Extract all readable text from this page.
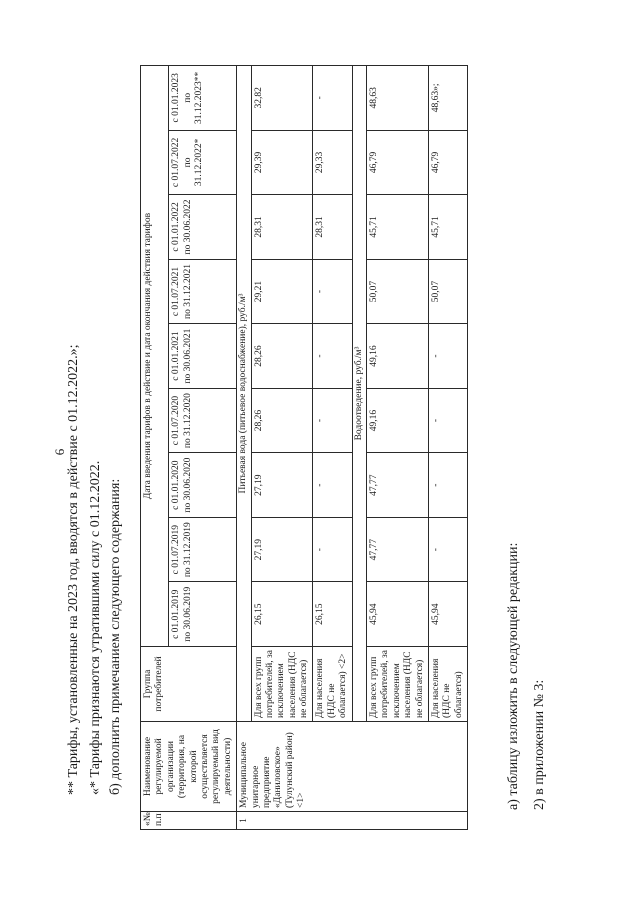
6
2) в приложении № 3:
а) таблицу изложить в следующей редакции:
«№ п.п	Наименование регулируемой организации (территория, на которой осуществляется регулируемый вид деятельности)	Группа потребителей	Дата введения тарифов в действие и дата окончания действия тарифов								
			с 01.01.2019 по 30.06.2019	с 01.07.2019 по 31.12.2019	с 01.01.2020 по 30.06.2020	с 01.07.2020 по 31.12.2020	с 01.01.2021 по 30.06.2021	с 01.07.2021 по 31.12.2021	с 01.01.2022 по 30.06.2022	с 01.07.2022 по 31.12.2022*	с 01.01.2023 по 31.12.2023**
1	Муниципальное унитарное предприятие «Даниловское» (Тулунский район) <1>	Питьевая вода (питьевое водоснабжение), руб./м³									
		Для всех групп потребителей, за исключением населения (НДС не облагается)	26,15	27,19	27,19	28,26	28,26	29,21	28,31	29,39	32,82
		Для населения (НДС не облагается) <2>	26,15	-	-	-	-	-	28,31	29,33	-
		Водоотведение, руб./м³									
		Для всех групп потребителей, за исключением населения (НДС не облагается)	45,94	47,77	47,77	49,16	49,16	50,07	45,71	46,79	48,63
		Для населения (НДС не облагается)	45,94	-	-	-	-	50,07	45,71	46,79	48,63»;
б) дополнить примечанием следующего содержания:
«* Тарифы признаются утратившими силу с 01.12.2022.
** Тарифы, установленные на 2023 год, вводятся в действие с 01.12.2022.»;
